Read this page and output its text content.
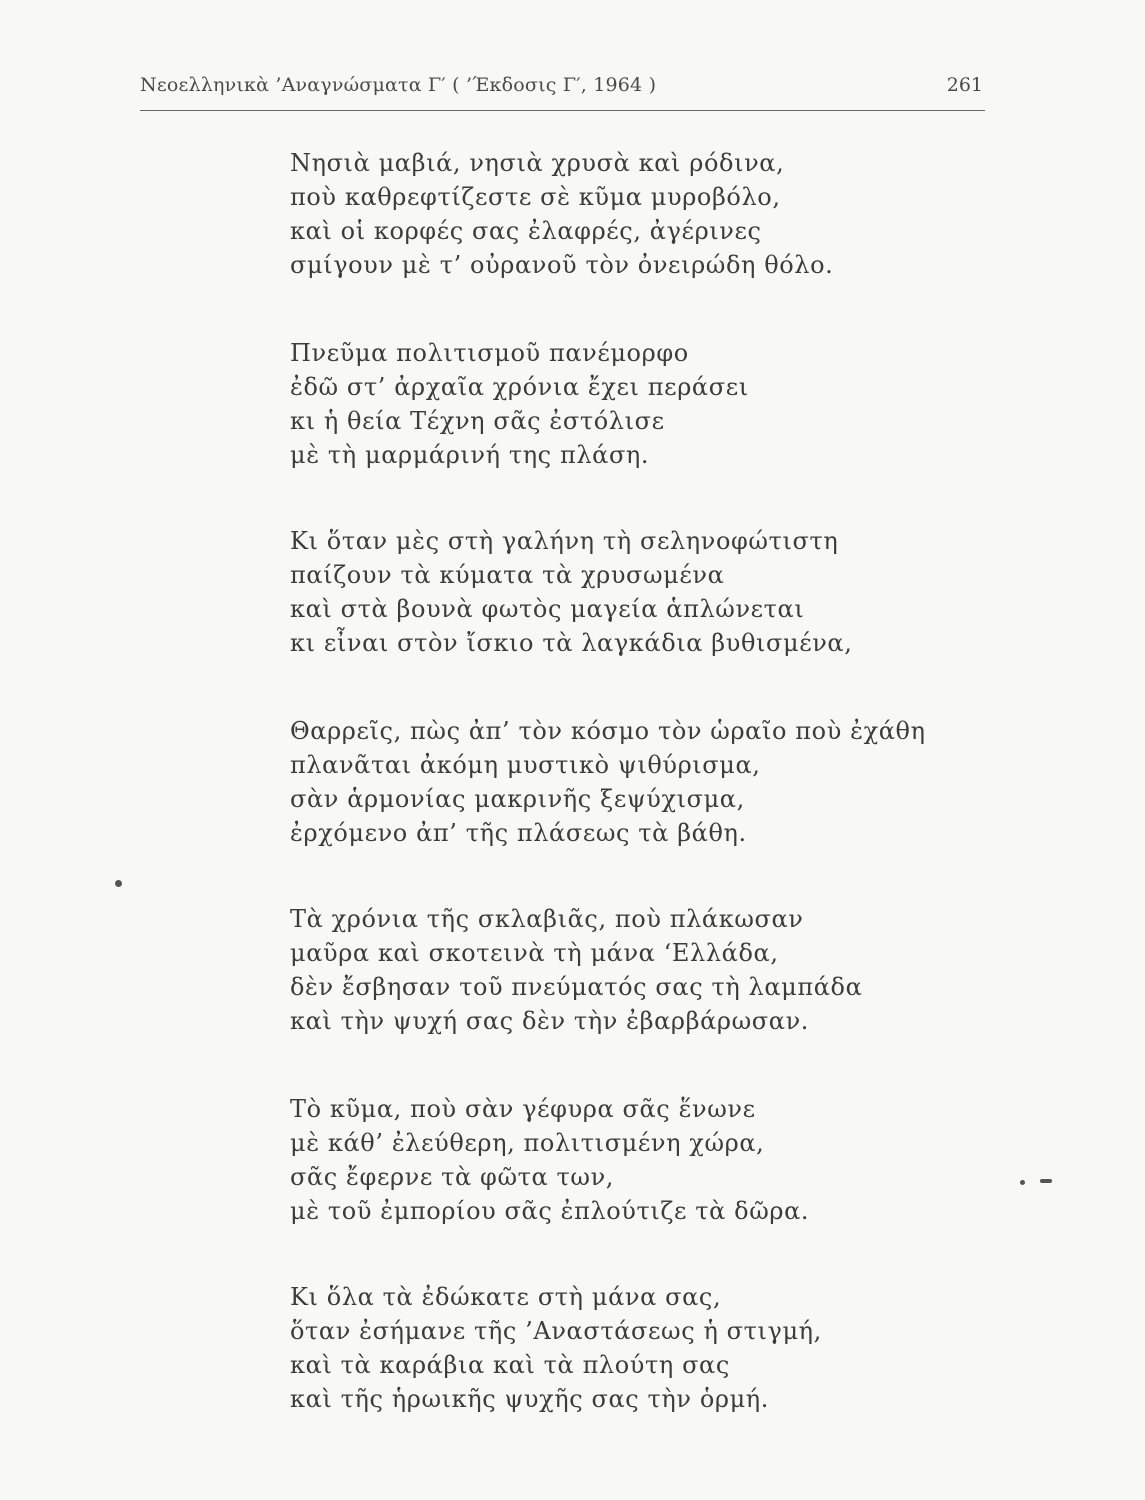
Νεοελληνικὰ ’Αναγνώσματα Γ′ ( ’Έκδοσις Γ′, 1964 )	261
Νησιὰ μαβιά, νησιὰ χρυσὰ καὶ ρόδινα,
ποὺ καθρεφτίζεστε σὲ κῦμα μυροβόλο,
καὶ οἱ κορφές σας ἐλαφρές, ἀγέρινες
σμίγουν μὲ τ’ οὐρανοῦ τὸν ὀνειρώδη θόλο.
Πνεῦμα πολιτισμοῦ πανέμορφο
ἐδῶ στ’ ἀρχαῖα χρόνια ἔχει περάσει
κι ἡ θεία Τέχνη σᾶς ἐστόλισε
μὲ τὴ μαρμάρινή της πλάση.
Κι ὅταν μὲς στὴ γαλήνη τὴ σεληνοφώτιστη
παίζουν τὰ κύματα τὰ χρυσωμένα
καὶ στὰ βουνὰ φωτὸς μαγεία ἁπλώνεται
κι εἶναι στὸν ἴσκιο τὰ λαγκάδια βυθισμένα,
Θαρρεῖς, πὼς ἀπ’ τὸν κόσμο τὸν ὡραῖο ποὺ ἐχάθη
πλανᾶται ἀκόμη μυστικὸ ψιθύρισμα,
σὰν ἁρμονίας μακρινῆς ξεψύχισμα,
ἐρχόμενο ἀπ’ τῆς πλάσεως τὰ βάθη.
Τὰ χρόνια τῆς σκλαβιᾶς, ποὺ πλάκωσαν
μαῦρα καὶ σκοτεινὰ τὴ μάνα ‘Ελλάδα,
δὲν ἔσβησαν τοῦ πνεύματός σας τὴ λαμπάδα
καὶ τὴν ψυχή σας δὲν τὴν ἐβαρβάρωσαν.
Τὸ κῦμα, ποὺ σὰν γέφυρα σᾶς ἕνωνε
μὲ κάθ’ ἐλεύθερη, πολιτισμένη χώρα,
σᾶς ἔφερνε τὰ φῶτα των,
μὲ τοῦ ἐμπορίου σᾶς ἐπλούτιζε τὰ δῶρα.
Κι ὅλα τὰ ἐδώκατε στὴ μάνα σας,
ὅταν ἐσήμανε τῆς ’Αναστάσεως ἡ στιγμή,
καὶ τὰ καράβια καὶ τὰ πλούτη σας
καὶ τῆς ἡρωικῆς ψυχῆς σας τὴν ὁρμή.
